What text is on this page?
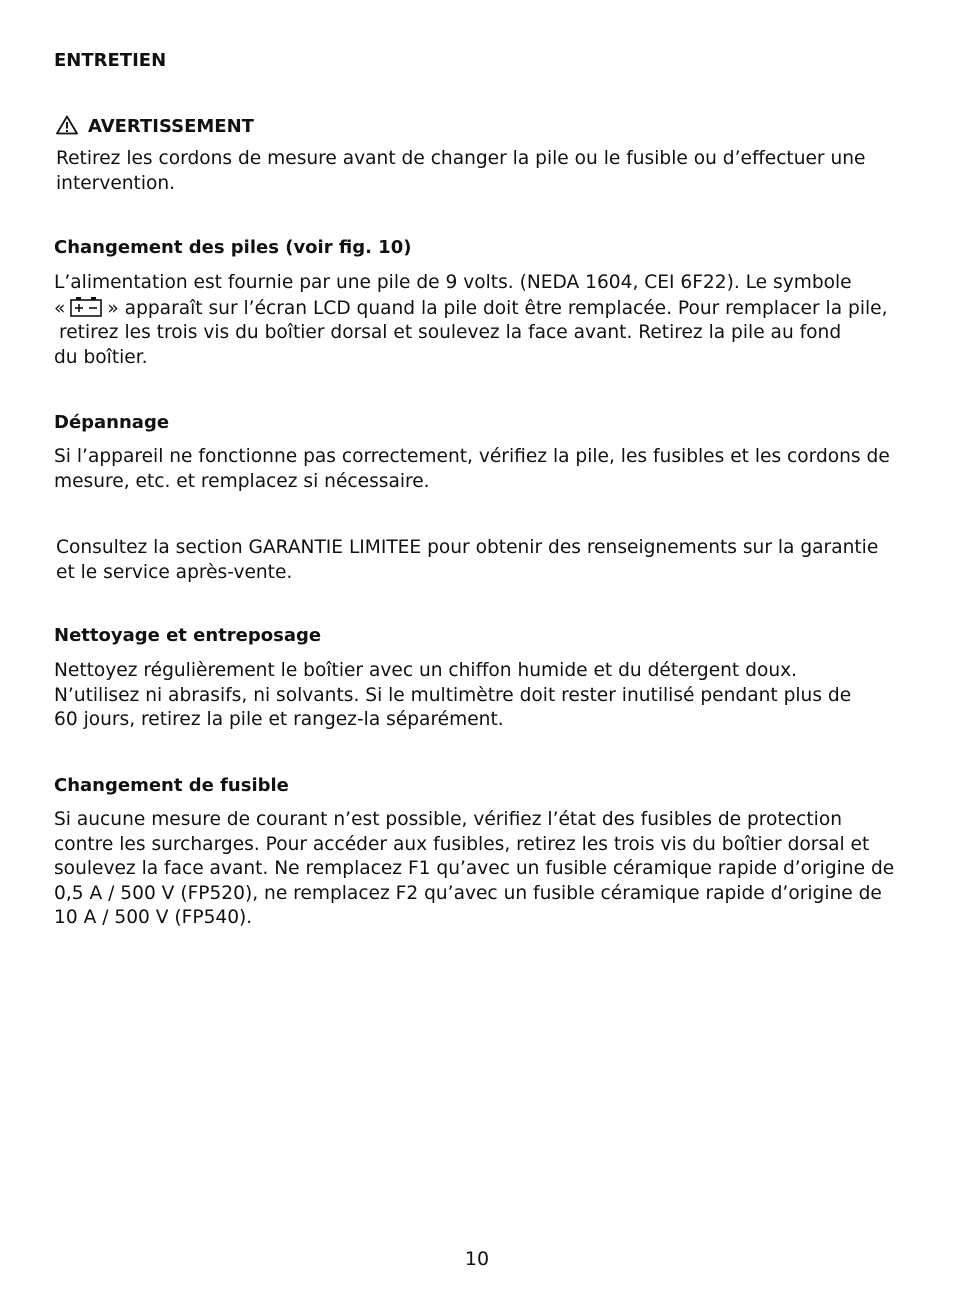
ENTRETIEN
AVERTISSEMENT
Retirez les cordons de mesure avant de changer la pile ou le fusible ou d’effectuer une
intervention.
Changement des piles (voir fig. 10)
L’alimentation est fournie par une pile de 9 volts. (NEDA 1604, CEI 6F22). Le symbole
« » apparaît sur l’écran LCD quand la pile doit être remplacée. Pour remplacer la pile,
retirez les trois vis du boîtier dorsal et soulevez la face avant. Retirez la pile au fond
du boîtier.
Dépannage
Si l’appareil ne fonctionne pas correctement, vérifiez la pile, les fusibles et les cordons de
mesure, etc. et remplacez si nécessaire.
Consultez la section GARANTIE LIMITEE pour obtenir des renseignements sur la garantie
et le service après-vente.
Nettoyage et entreposage
Nettoyez régulièrement le boîtier avec un chiffon humide et du détergent doux.
N’utilisez ni abrasifs, ni solvants. Si le multimètre doit rester inutilisé pendant plus de
60 jours, retirez la pile et rangez-la séparément.
Changement de fusible
Si aucune mesure de courant n’est possible, vérifiez l’état des fusibles de protection
contre les surcharges. Pour accéder aux fusibles, retirez les trois vis du boîtier dorsal et
soulevez la face avant. Ne remplacez F1 qu’avec un fusible céramique rapide d’origine de
0,5 A / 500 V (FP520), ne remplacez F2 qu’avec un fusible céramique rapide d’origine de
10 A / 500 V (FP540).
10
